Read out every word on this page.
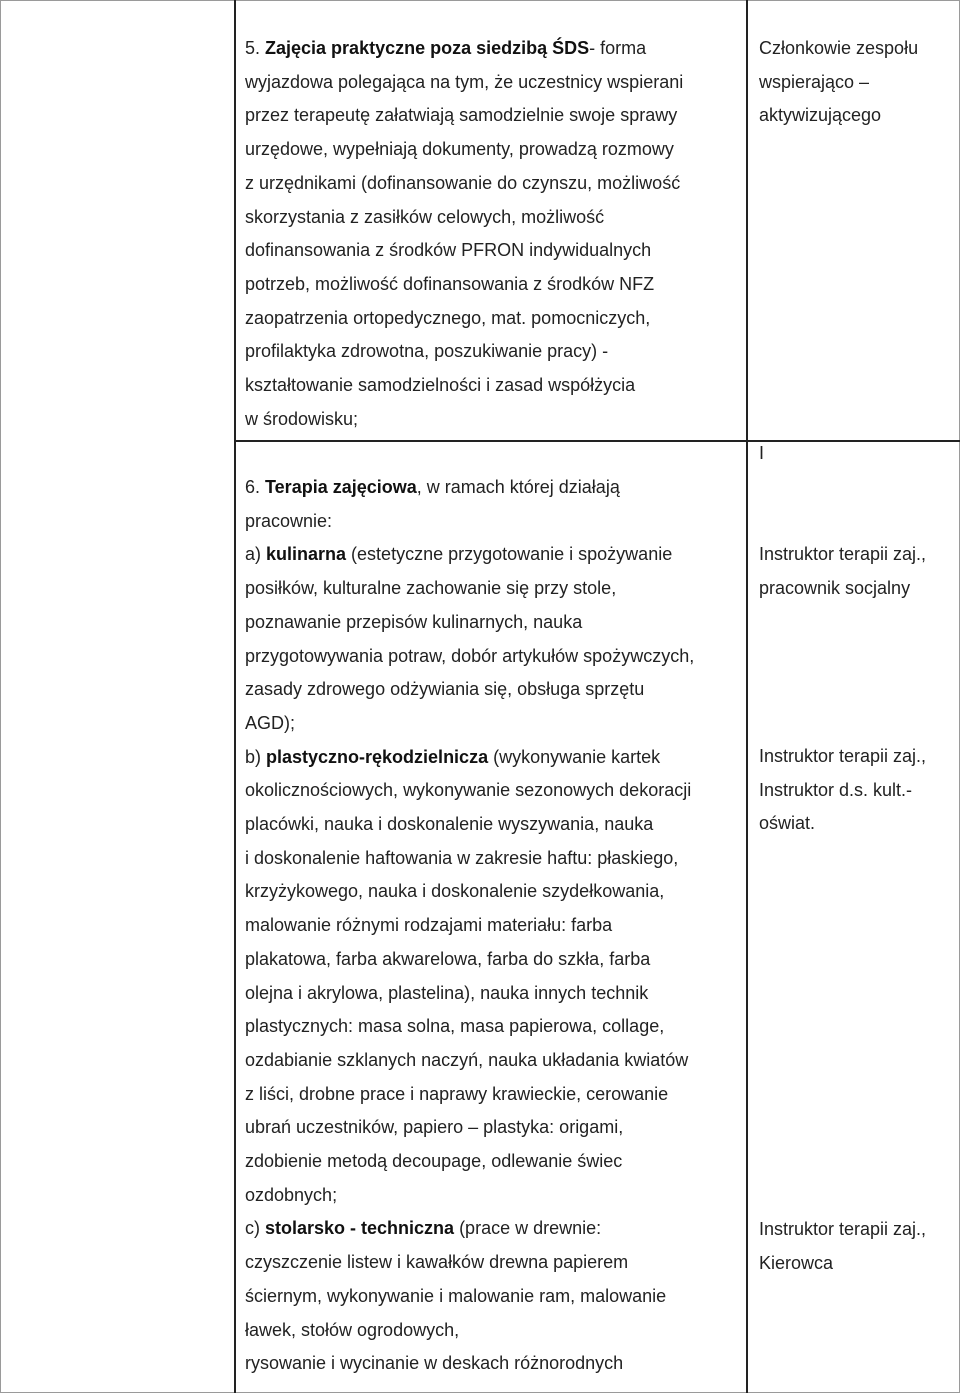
5. Zajęcia praktyczne poza siedzibą ŚDS- forma
wyjazdowa polegająca na tym, że uczestnicy wspierani
przez terapeutę załatwiają samodzielnie swoje sprawy
urzędowe, wypełniają dokumenty, prowadzą rozmowy
z urzędnikami (dofinansowanie do czynszu, możliwość
skorzystania z zasiłków celowych, możliwość
dofinansowania z środków PFRON indywidualnych
potrzeb, możliwość dofinansowania z środków NFZ
zaopatrzenia ortopedycznego, mat. pomocniczych,
profilaktyka zdrowotna, poszukiwanie pracy) -
kształtowanie samodzielności i zasad współżycia
w środowisku;
Członkowie zespołu
wspierająco –
aktywizującego
6. Terapia zajęciowa, w ramach której działają
pracownie:
a) kulinarna (estetyczne przygotowanie i spożywanie
posiłków, kulturalne zachowanie się przy stole,
poznawanie przepisów kulinarnych, nauka
przygotowywania potraw, dobór artykułów spożywczych,
zasady zdrowego odżywiania się, obsługa sprzętu
AGD);
b) plastyczno-rękodzielnicza (wykonywanie kartek
okolicznościowych, wykonywanie sezonowych dekoracji
placówki, nauka i doskonalenie wyszywania, nauka
i doskonalenie haftowania w zakresie haftu: płaskiego,
krzyżykowego, nauka i doskonalenie szydełkowania,
malowanie różnymi rodzajami materiału: farba
plakatowa, farba akwarelowa, farba do szkła, farba
olejna i akrylowa, plastelina), nauka innych technik
plastycznych: masa solna, masa papierowa, collage,
ozdabianie szklanych naczyń, nauka układania kwiatów
z liści, drobne prace i naprawy krawieckie, cerowanie
ubrań uczestników, papiero – plastyka: origami,
zdobienie metodą decoupage, odlewanie świec
ozdobnych;
c) stolarsko - techniczna (prace w drewnie:
czyszczenie listew i kawałków drewna papierem
ściernym, wykonywanie i malowanie ram, malowanie
ławek, stołów ogrodowych,
rysowanie i wycinanie w deskach różnorodnych
I
Instruktor terapii zaj.,
pracownik socjalny
Instruktor terapii zaj.,
Instruktor d.s. kult.-
oświat.
Instruktor terapii zaj.,
Kierowca
